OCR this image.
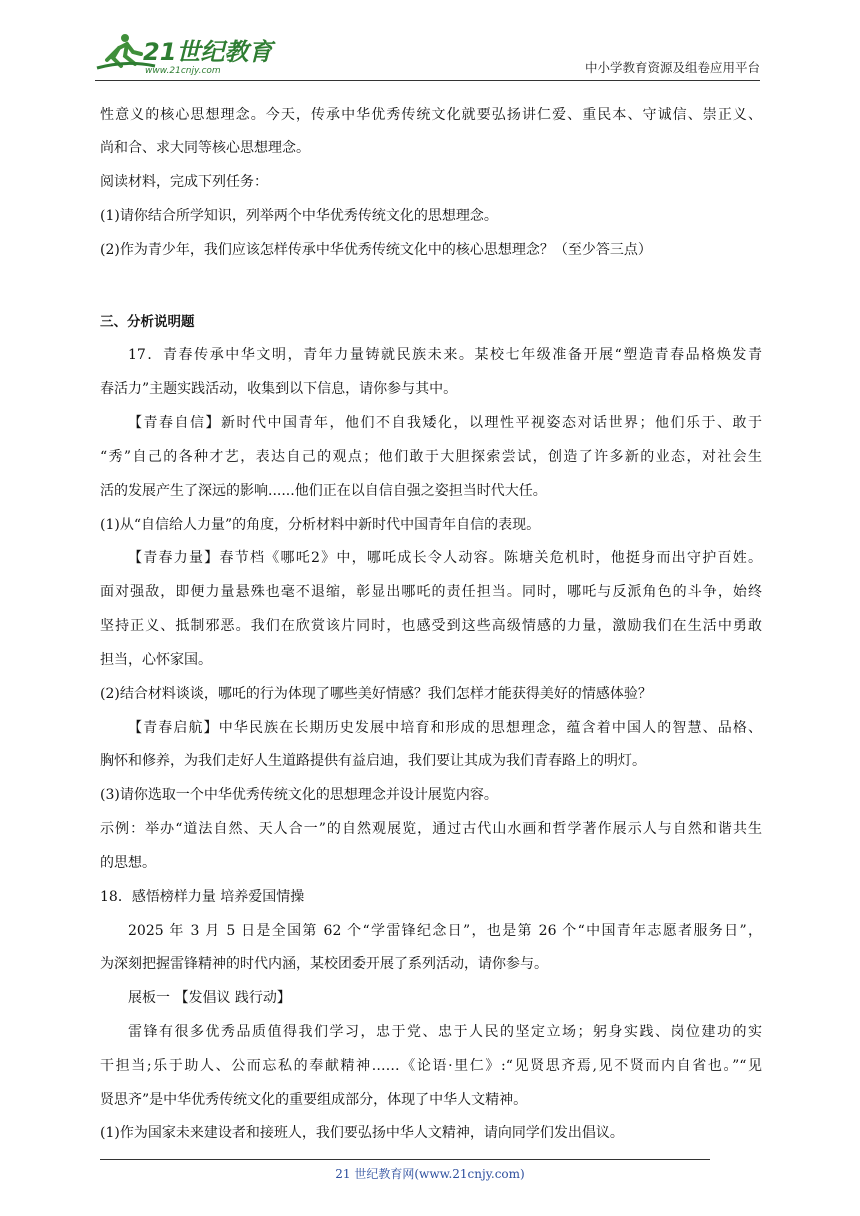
21世纪教育
www.21cnjy.com	中小学教育资源及组卷应用平台
性意义的核心思想理念。今天，传承中华优秀传统文化就要弘扬讲仁爱、重民本、守诚信、崇正义、
尚和合、求大同等核心思想理念。
阅读材料，完成下列任务：
(1)请你结合所学知识，列举两个中华优秀传统文化的思想理念。
(2)作为青少年，我们应该怎样传承中华优秀传统文化中的核心思想理念？（至少答三点）
三、分析说明题
17．青春传承中华文明，青年力量铸就民族未来。某校七年级准备开展“塑造青春品格焕发青
春活力”主题实践活动，收集到以下信息，请你参与其中。
【青春自信】新时代中国青年，他们不自我矮化，以理性平视姿态对话世界；他们乐于、敢于
“秀”自己的各种才艺，表达自己的观点；他们敢于大胆探索尝试，创造了许多新的业态，对社会生
活的发展产生了深远的影响......他们正在以自信自强之姿担当时代大任。
(1)从“自信给人力量”的角度，分析材料中新时代中国青年自信的表现。
【青春力量】春节档《哪吒2》中，哪吒成长令人动容。陈塘关危机时，他挺身而出守护百姓。
面对强敌，即便力量悬殊也毫不退缩，彰显出哪吒的责任担当。同时，哪吒与反派角色的斗争，始终
坚持正义、抵制邪恶。我们在欣赏该片同时，也感受到这些高级情感的力量，激励我们在生活中勇敢
担当，心怀家国。
(2)结合材料谈谈，哪吒的行为体现了哪些美好情感？我们怎样才能获得美好的情感体验？
【青春启航】中华民族在长期历史发展中培育和形成的思想理念，蕴含着中国人的智慧、品格、
胸怀和修养，为我们走好人生道路提供有益启迪，我们要让其成为我们青春路上的明灯。
(3)请你选取一个中华优秀传统文化的思想理念并设计展览内容。
示例：举办“道法自然、天人合一”的自然观展览，通过古代山水画和哲学著作展示人与自然和谐共生
的思想。
18．感悟榜样力量 培养爱国情操
2025 年 3 月 5 日是全国第 62 个“学雷锋纪念日”，也是第 26 个“中国青年志愿者服务日”，
为深刻把握雷锋精神的时代内涵，某校团委开展了系列活动，请你参与。
展板一 【发倡议 践行动】
雷锋有很多优秀品质值得我们学习，忠于党、忠于人民的坚定立场；躬身实践、岗位建功的实
干担当;乐于助人、公而忘私的奉献精神……《论语·里仁》:“见贤思齐焉,见不贤而内自省也。”“见
贤思齐”是中华优秀传统文化的重要组成部分，体现了中华人文精神。
(1)作为国家未来建设者和接班人，我们要弘扬中华人文精神，请向同学们发出倡议。
21 世纪教育网(www.21cnjy.com)
